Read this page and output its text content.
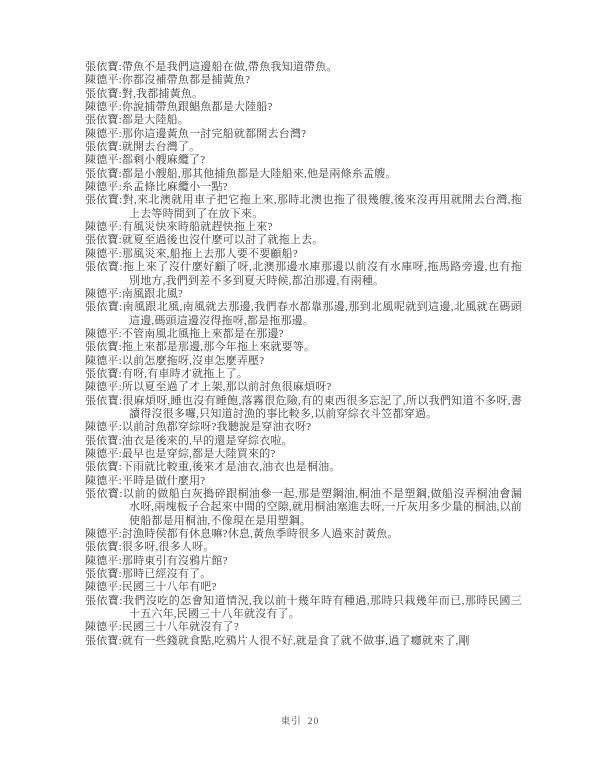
張依寶:帶魚不是我們這邊船在做,帶魚我知道帶魚。

陳德平:你都沒補帶魚都是捕黃魚?

張依寶:對,我都捕黃魚。

陳德平:你說捕帶魚跟鯧魚都是大陸船?

張依寶:都是大陸船。

陳德平:那你這邊黃魚一討完船就都開去台灣?

張依寶:就開去台灣了。

陳德平:都剩小艘麻纜了?

張依寶:都是小艘船,那其他捕魚都是大陸船來,他是兩條糸孟艘。

陳德平:糸孟條比麻纜小一點?

張依寶:對,來北澳就用車子把它拖上來,那時北澳也拖了很幾艘,後來沒再用就開去台灣,拖上去等時間到了在放下來。

陳德平:有風災快來時船就趕快拖上來?

張依寶:就夏至過後也沒什麼可以討了就拖上去。

陳德平:那風災來,船拖上去那人要不要顧船?

張依寶:拖上來了沒什麼好顧了呀,北澳那邊水庫那邊以前沒有水庫呀,拖馬路旁邊,也有拖別地方,我們到差不多到夏天時候,都泊那邊,有兩種。

陳德平:南風跟北風?

張依寶:南風跟北風,南風就去那邊,我們春水都靠那邊,那到北風呢就到這邊,北風就在碼頭這邊,碼頭這邊沒得拖呀,都是拖那邊。

陳德平:不管南風北風拖上來都是在那邊?

張依寶:拖上來都是那邊,那今年拖上來就要等。

陳德平:以前怎麼拖呀,沒車怎麼弄壓?

張依寶:有呀,有車時才就拖上了。

陳德平:所以夏至過了才上架,那以前討魚很麻煩呀?

張依寶:很麻煩呀,睡也沒有睡飽,落霧很危險,有的東西很多忘記了,所以我們知道不多呀,書讀得沒很多囉,只知道討漁的事比較多,以前穿綜衣斗笠都穿過。

陳德平:以前討魚都穿綜呀?我聽說是穿油衣呀?

張依寶:油衣是後來的,早的還是穿綜衣啦。

陳德平:最早也是穿綜,都是大陸買來的?

張依寶:下雨就比較重,後來才是油衣,油衣也是桐油。

陳德平:平時是做什麼用?

張依寶:以前的做船白灰搗碎跟桐油參一起,那是塑鋼油,桐油不是塑鋼,做船沒弄桐油會漏水呀,兩塊板子合起來中間的空隙,就用桐油塞進去呀,一斤灰用多少量的桐油,以前使船都是用桐油,不像現在是用塑鋼。

陳德平:討漁時侯都有休息嘛?休息,黃魚季時很多人過來討黃魚。

張依寶:很多呀,很多人呀。

陳德平:那時東引有沒鴉片館?

張依寶:那時已經沒有了。

陳德平:民國三十八年有吧?

張依寶:我們沒吃的怎會知道情況,我以前十幾年時有種過,那時只栽幾年而已,那時民國三十五六年,民國三十八年就沒有了。

陳德平:民國三十八年就沒有了?

張依寶:就有一些錢就食點,吃鴉片人很不好,就是食了就不做事,過了癮就來了,剛

東引 20
